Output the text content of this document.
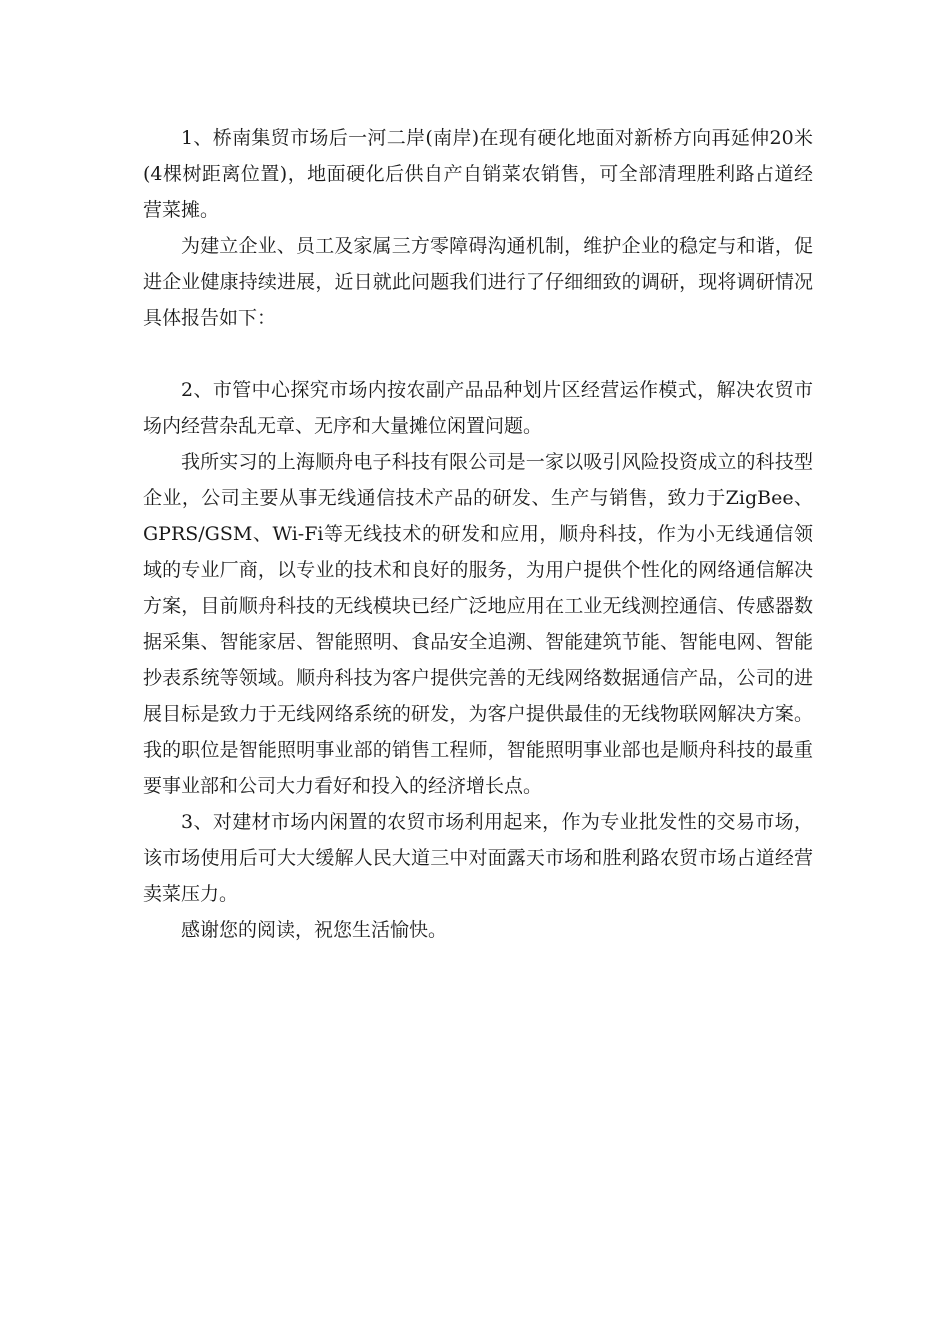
1、桥南集贸市场后一河二岸(南岸)在现有硬化地面对新桥方向再延伸20米(4棵树距离位置)，地面硬化后供自产自销菜农销售，可全部清理胜利路占道经营菜摊。

为建立企业、员工及家属三方零障碍沟通机制，维护企业的稳定与和谐，促进企业健康持续进展，近日就此问题我们进行了仔细细致的调研，现将调研情况具体报告如下：

2、市管中心探究市场内按农副产品品种划片区经营运作模式，解决农贸市场内经营杂乱无章、无序和大量摊位闲置问题。

我所实习的上海顺舟电子科技有限公司是一家以吸引风险投资成立的科技型企业，公司主要从事无线通信技术产品的研发、生产与销售，致力于ZigBee、GPRS/GSM、Wi-Fi等无线技术的研发和应用，顺舟科技，作为小无线通信领域的专业厂商，以专业的技术和良好的服务，为用户提供个性化的网络通信解决方案，目前顺舟科技的无线模块已经广泛地应用在工业无线测控通信、传感器数据采集、智能家居、智能照明、食品安全追溯、智能建筑节能、智能电网、智能抄表系统等领域。顺舟科技为客户提供完善的无线网络数据通信产品，公司的进展目标是致力于无线网络系统的研发，为客户提供最佳的无线物联网解决方案。我的职位是智能照明事业部的销售工程师，智能照明事业部也是顺舟科技的最重要事业部和公司大力看好和投入的经济增长点。

3、对建材市场内闲置的农贸市场利用起来，作为专业批发性的交易市场，该市场使用后可大大缓解人民大道三中对面露天市场和胜利路农贸市场占道经营卖菜压力。

感谢您的阅读，祝您生活愉快。
